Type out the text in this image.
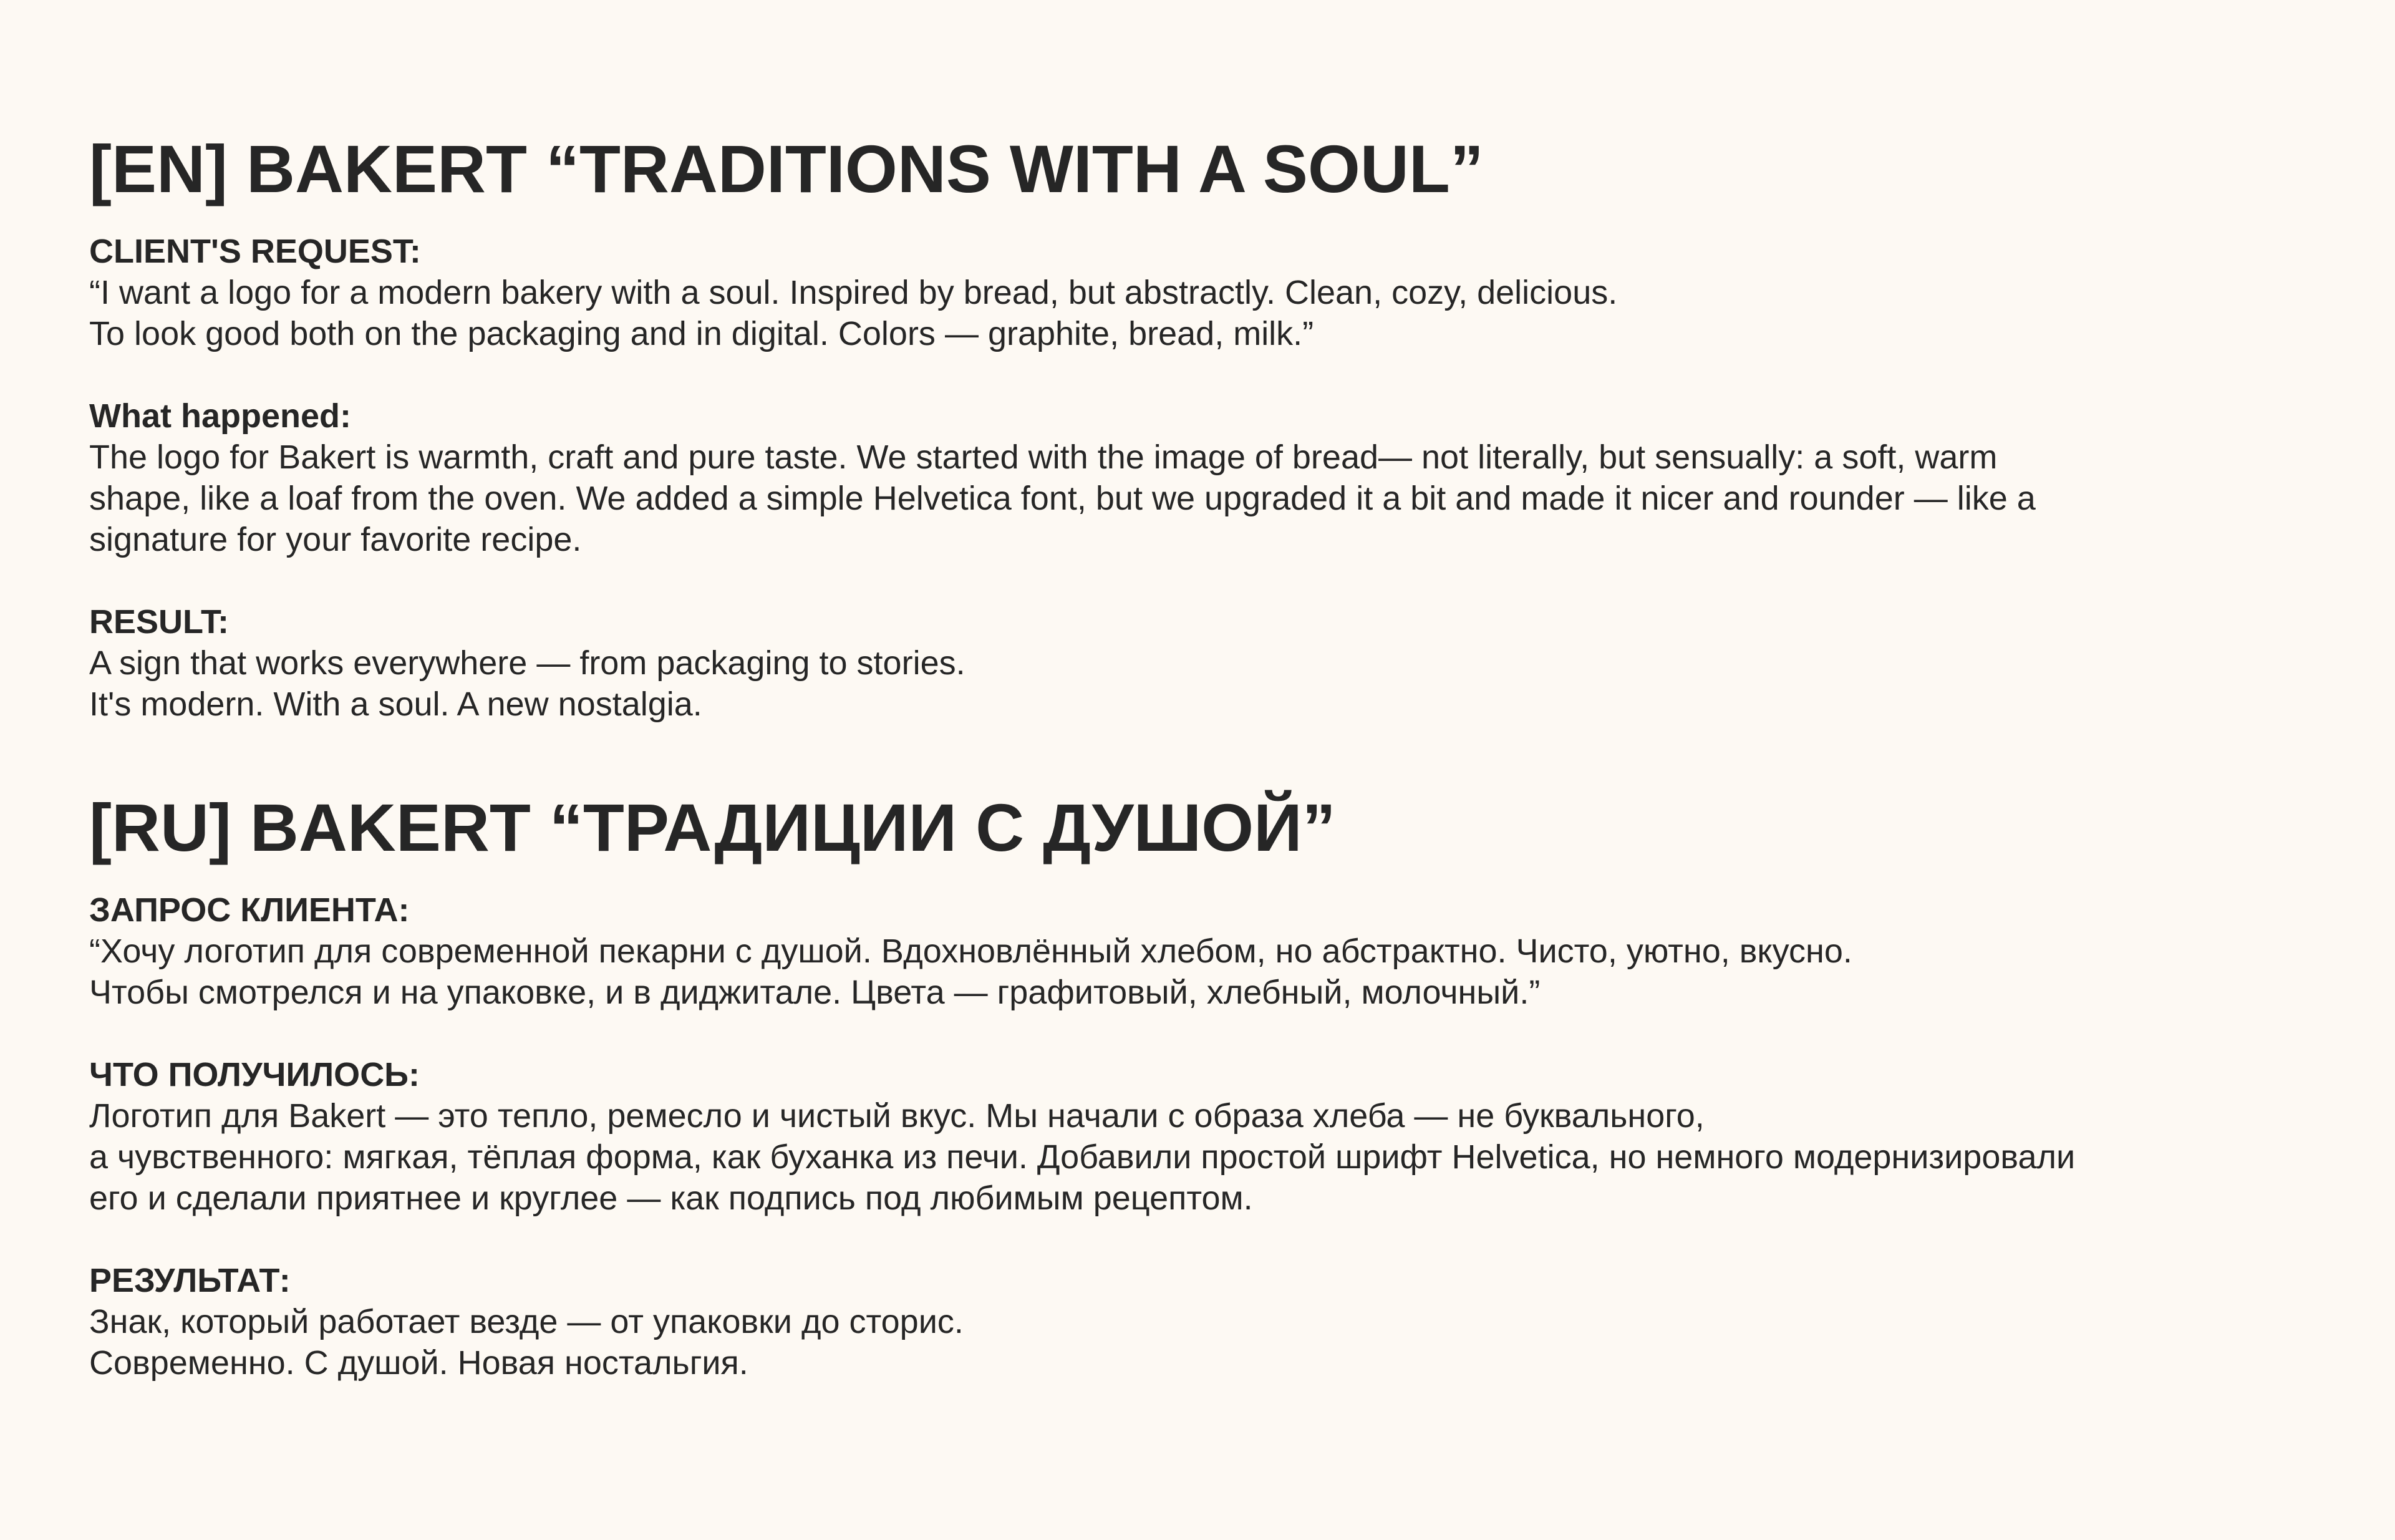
[EN] BAKERT “TRADITIONS WITH A SOUL”
CLIENT'S REQUEST:
“I want a logo for a modern bakery with a soul. Inspired by bread, but abstractly. Clean, cozy, delicious.
To look good both on the packaging and in digital. Colors — graphite, bread, milk.”
What happened:
The logo for Bakert is warmth, craft and pure taste. We started with the image of bread— not literally, but sensually: a soft, warm
shape, like a loaf from the oven. We added a simple Helvetica font, but we upgraded it a bit and made it nicer and rounder — like a
signature for your favorite recipe.
RESULT:
A sign that works everywhere — from packaging to stories.
It's modern. With a soul. A new nostalgia.
[RU] BAKERT “ТРАДИЦИИ С ДУШОЙ”
ЗАПРОС КЛИЕНТА:
“Хочу логотип для современной пекарни с душой. Вдохновлённый хлебом, но абстрактно. Чисто, уютно, вкусно.
Чтобы смотрелся и на упаковке, и в диджитале. Цвета — графитовый, хлебный, молочный.”
ЧТО ПОЛУЧИЛОСЬ:
Логотип для Bakert — это тепло, ремесло и чистый вкус. Мы начали с образа хлеба — не буквального,
а чувственного: мягкая, тёплая форма, как буханка из печи. Добавили простой шрифт Helvetica, но немного модернизировали
его и сделали приятнее и круглее — как подпись под любимым рецептом.
РЕЗУЛЬТАТ:
Знак, который работает везде — от упаковки до сторис.
Современно. С душой. Новая ностальгия.
